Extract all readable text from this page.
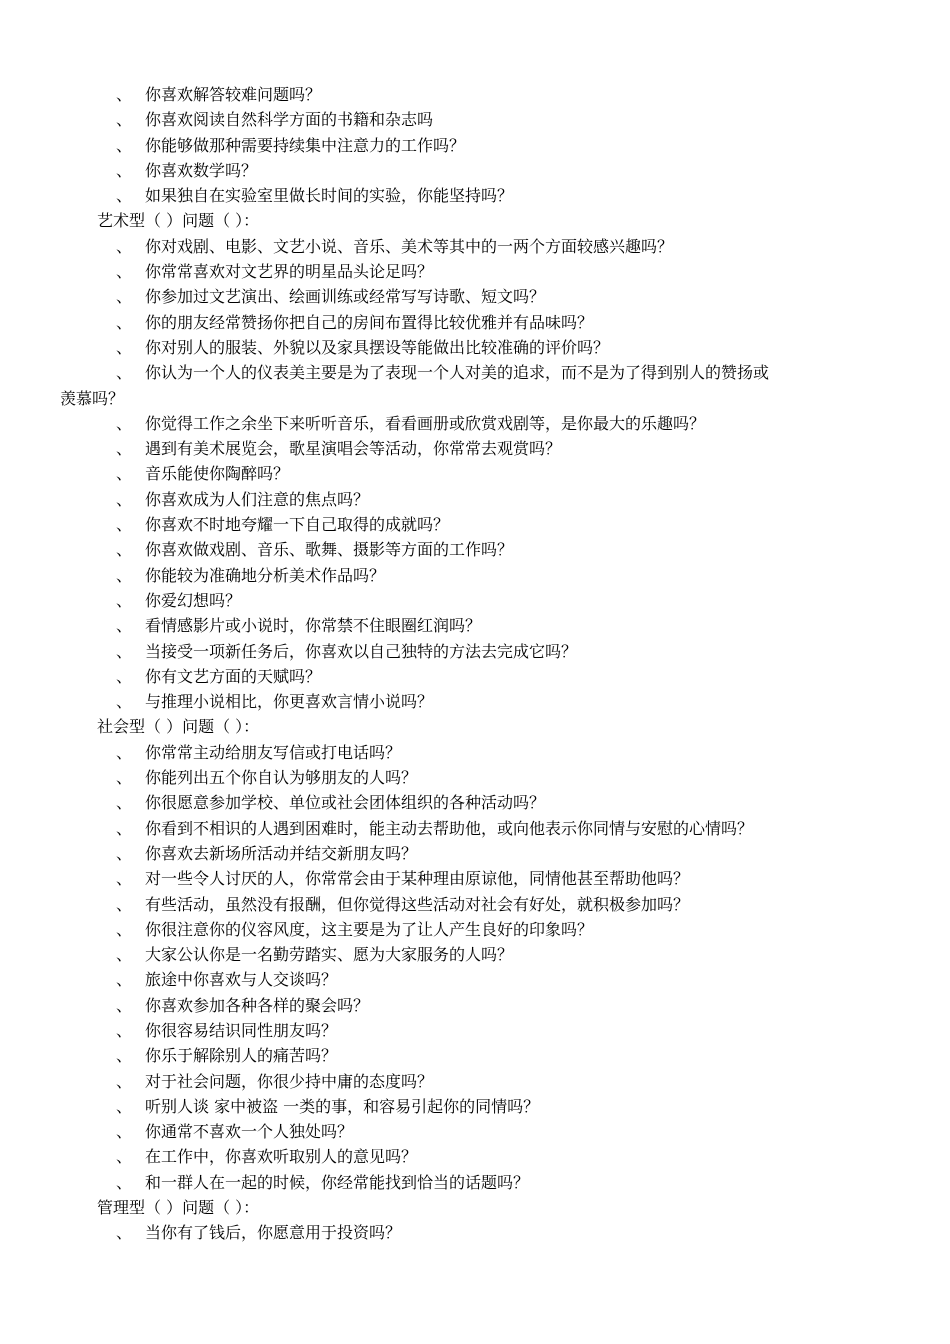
、 你喜欢解答较难问题吗？
、 你喜欢阅读自然科学方面的书籍和杂志吗
、 你能够做那种需要持续集中注意力的工作吗？
、 你喜欢数学吗？
、 如果独自在实验室里做长时间的实验，你能坚持吗？
艺术型（ ）问题（ ）：
、 你对戏剧、电影、文艺小说、音乐、美术等其中的一两个方面较感兴趣吗？
、 你常常喜欢对文艺界的明星品头论足吗？
、 你参加过文艺演出、绘画训练或经常写写诗歌、短文吗？
、 你的朋友经常赞扬你把自己的房间布置得比较优雅并有品味吗？
、 你对别人的服装、外貌以及家具摆设等能做出比较准确的评价吗？
、 你认为一个人的仪表美主要是为了表现一个人对美的追求，而不是为了得到别人的赞扬或
羡慕吗？
、 你觉得工作之余坐下来听听音乐，看看画册或欣赏戏剧等，是你最大的乐趣吗？
、 遇到有美术展览会，歌星演唱会等活动，你常常去观赏吗？
、 音乐能使你陶醉吗？
、 你喜欢成为人们注意的焦点吗？
、 你喜欢不时地夸耀一下自己取得的成就吗？
、 你喜欢做戏剧、音乐、歌舞、摄影等方面的工作吗？
、 你能较为准确地分析美术作品吗？
、 你爱幻想吗？
、 看情感影片或小说时，你常禁不住眼圈红润吗？
、 当接受一项新任务后，你喜欢以自己独特的方法去完成它吗？
、 你有文艺方面的天赋吗？
、 与推理小说相比，你更喜欢言情小说吗？
社会型（ ）问题（ ）：
、 你常常主动给朋友写信或打电话吗？
、 你能列出五个你自认为够朋友的人吗？
、 你很愿意参加学校、单位或社会团体组织的各种活动吗？
、 你看到不相识的人遇到困难时，能主动去帮助他，或向他表示你同情与安慰的心情吗？
、 你喜欢去新场所活动并结交新朋友吗？
、 对一些令人讨厌的人，你常常会由于某种理由原谅他，同情他甚至帮助他吗？
、 有些活动，虽然没有报酬，但你觉得这些活动对社会有好处，就积极参加吗？
、 你很注意你的仪容风度，这主要是为了让人产生良好的印象吗？
、 大家公认你是一名勤劳踏实、愿为大家服务的人吗？
、 旅途中你喜欢与人交谈吗？
、 你喜欢参加各种各样的聚会吗？
、 你很容易结识同性朋友吗？
、 你乐于解除别人的痛苦吗？
、 对于社会问题，你很少持中庸的态度吗？
、 听别人谈 家中被盗 一类的事，和容易引起你的同情吗？
、 你通常不喜欢一个人独处吗？
、 在工作中，你喜欢听取别人的意见吗？
、 和一群人在一起的时候，你经常能找到恰当的话题吗？
管理型（ ）问题（ ）：
、 当你有了钱后，你愿意用于投资吗？
